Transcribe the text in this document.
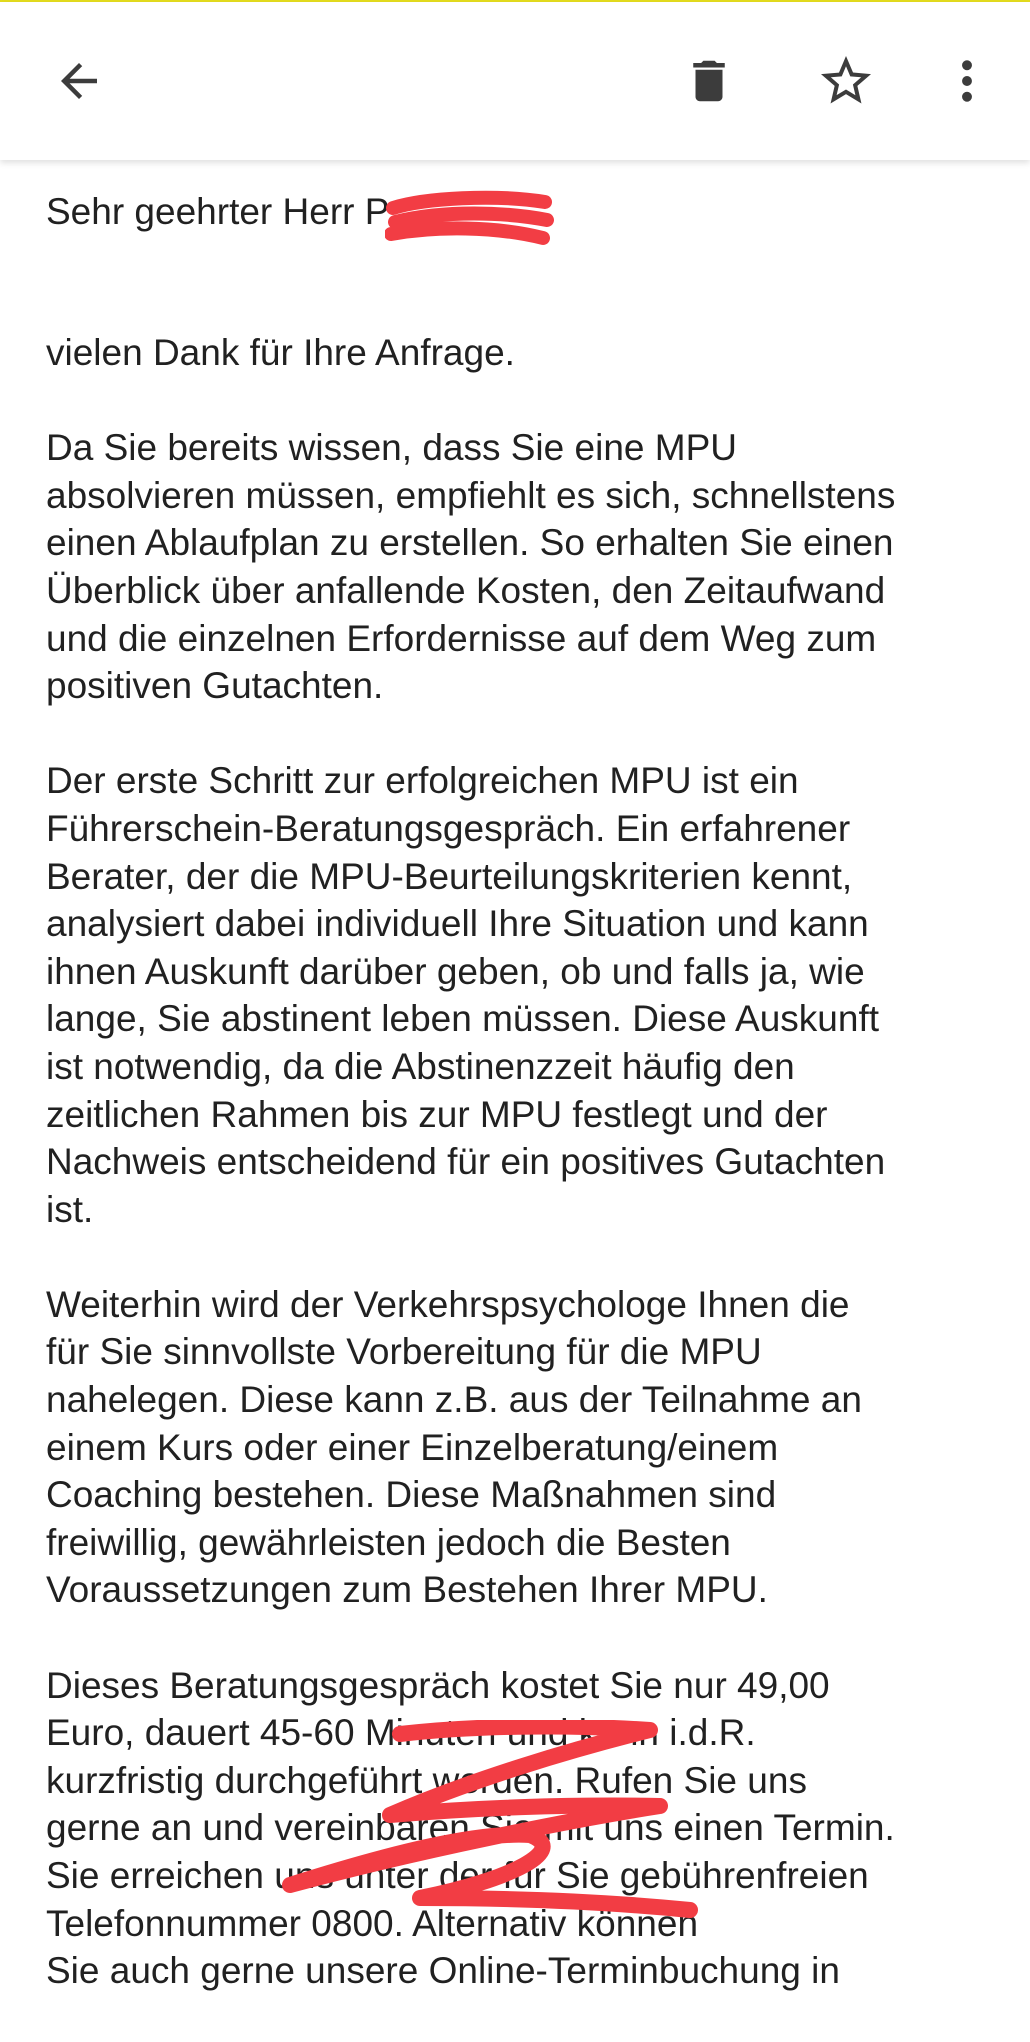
Sehr geehrter Herr P

vielen Dank für Ihre Anfrage.

Da Sie bereits wissen, dass Sie eine MPU
absolvieren müssen, empfiehlt es sich, schnellstens
einen Ablaufplan zu erstellen. So erhalten Sie einen
Überblick über anfallende Kosten, den Zeitaufwand
und die einzelnen Erfordernisse auf dem Weg zum
positiven Gutachten.

Der erste Schritt zur erfolgreichen MPU ist ein
Führerschein-Beratungsgespräch. Ein erfahrener
Berater, der die MPU-Beurteilungskriterien kennt,
analysiert dabei individuell Ihre Situation und kann
ihnen Auskunft darüber geben, ob und falls ja, wie
lange, Sie abstinent leben müssen. Diese Auskunft
ist notwendig, da die Abstinenzzeit häufig den
zeitlichen Rahmen bis zur MPU festlegt und der
Nachweis entscheidend für ein positives Gutachten
ist.

Weiterhin wird der Verkehrspsychologe Ihnen die
für Sie sinnvollste Vorbereitung für die MPU
nahelegen. Diese kann z.B. aus der Teilnahme an
einem Kurs oder einer Einzelberatung/einem
Coaching bestehen. Diese Maßnahmen sind
freiwillig, gewährleisten jedoch die Besten
Voraussetzungen zum Bestehen Ihrer MPU.

Dieses Beratungsgespräch kostet Sie nur 49,00
Euro, dauert 45-60 Minuten und kann i.d.R.
kurzfristig durchgeführt werden. Rufen Sie uns
gerne an und vereinbaren Sie mit uns einen Termin.
Sie erreichen uns unter der für Sie gebührenfreien
Telefonnummer 0800. Alternativ können
Sie auch gerne unsere Online-Terminbuchung in
